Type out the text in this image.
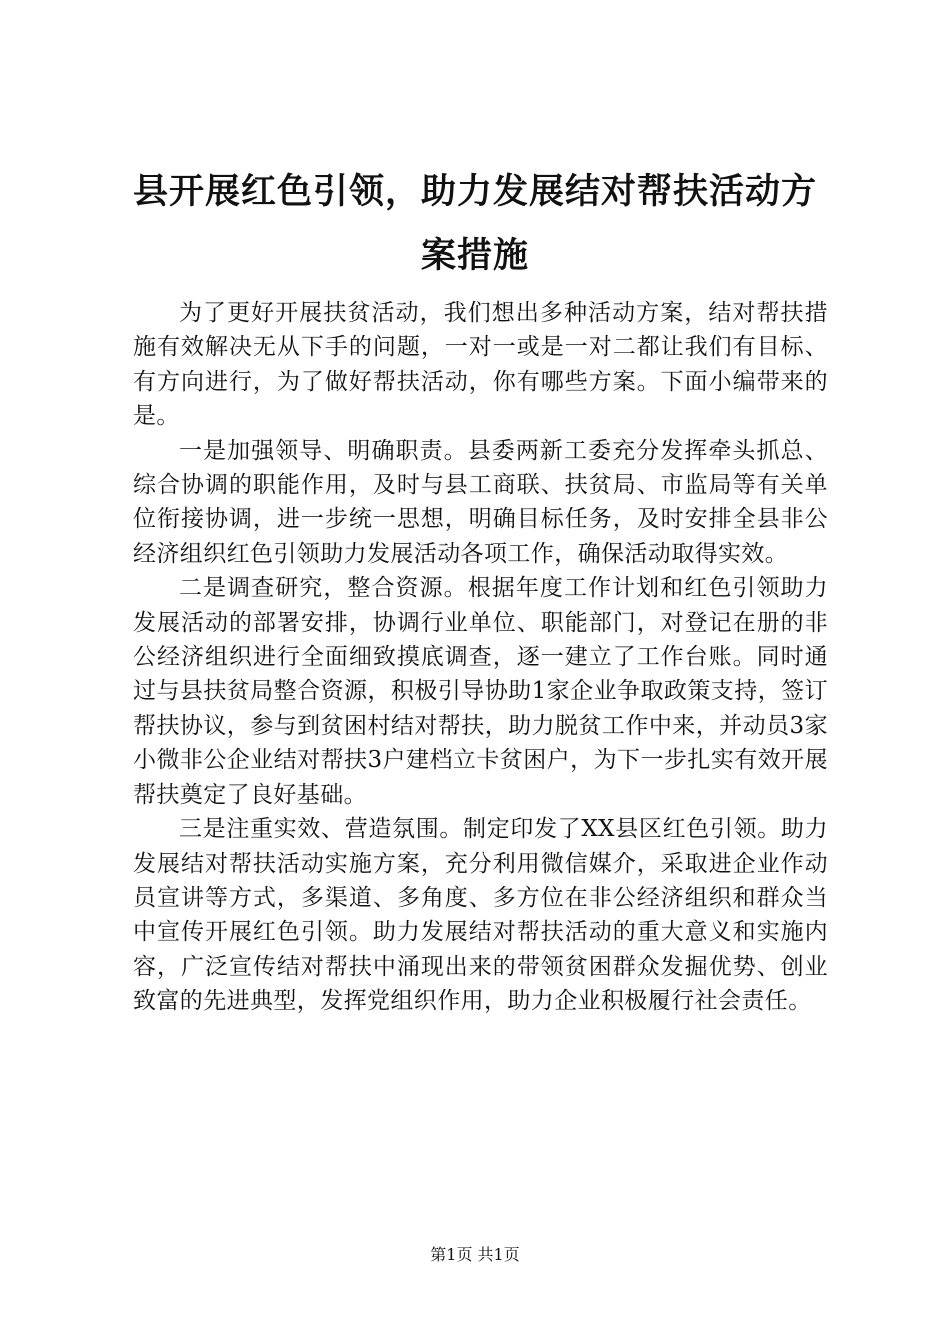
县开展红色引领，助力发展结对帮扶活动方案措施

为了更好开展扶贫活动，我们想出多种活动方案，结对帮扶措施有效解决无从下手的问题，一对一或是一对二都让我们有目标、有方向进行，为了做好帮扶活动，你有哪些方案。下面小编带来的是。

一是加强领导、明确职责。县委两新工委充分发挥牵头抓总、综合协调的职能作用，及时与县工商联、扶贫局、市监局等有关单位衔接协调，进一步统一思想，明确目标任务，及时安排全县非公经济组织红色引领助力发展活动各项工作，确保活动取得实效。

二是调查研究，整合资源。根据年度工作计划和红色引领助力发展活动的部署安排，协调行业单位、职能部门，对登记在册的非公经济组织进行全面细致摸底调查，逐一建立了工作台账。同时通过与县扶贫局整合资源，积极引导协助1家企业争取政策支持，签订帮扶协议，参与到贫困村结对帮扶，助力脱贫工作中来，并动员3家小微非公企业结对帮扶3户建档立卡贫困户，为下一步扎实有效开展帮扶奠定了良好基础。

三是注重实效、营造氛围。制定印发了XX县区红色引领。助力发展结对帮扶活动实施方案，充分利用微信媒介，采取进企业作动员宣讲等方式，多渠道、多角度、多方位在非公经济组织和群众当中宣传开展红色引领。助力发展结对帮扶活动的重大意义和实施内容，广泛宣传结对帮扶中涌现出来的带领贫困群众发掘优势、创业致富的先进典型，发挥党组织作用，助力企业积极履行社会责任。

第1页 共1页
